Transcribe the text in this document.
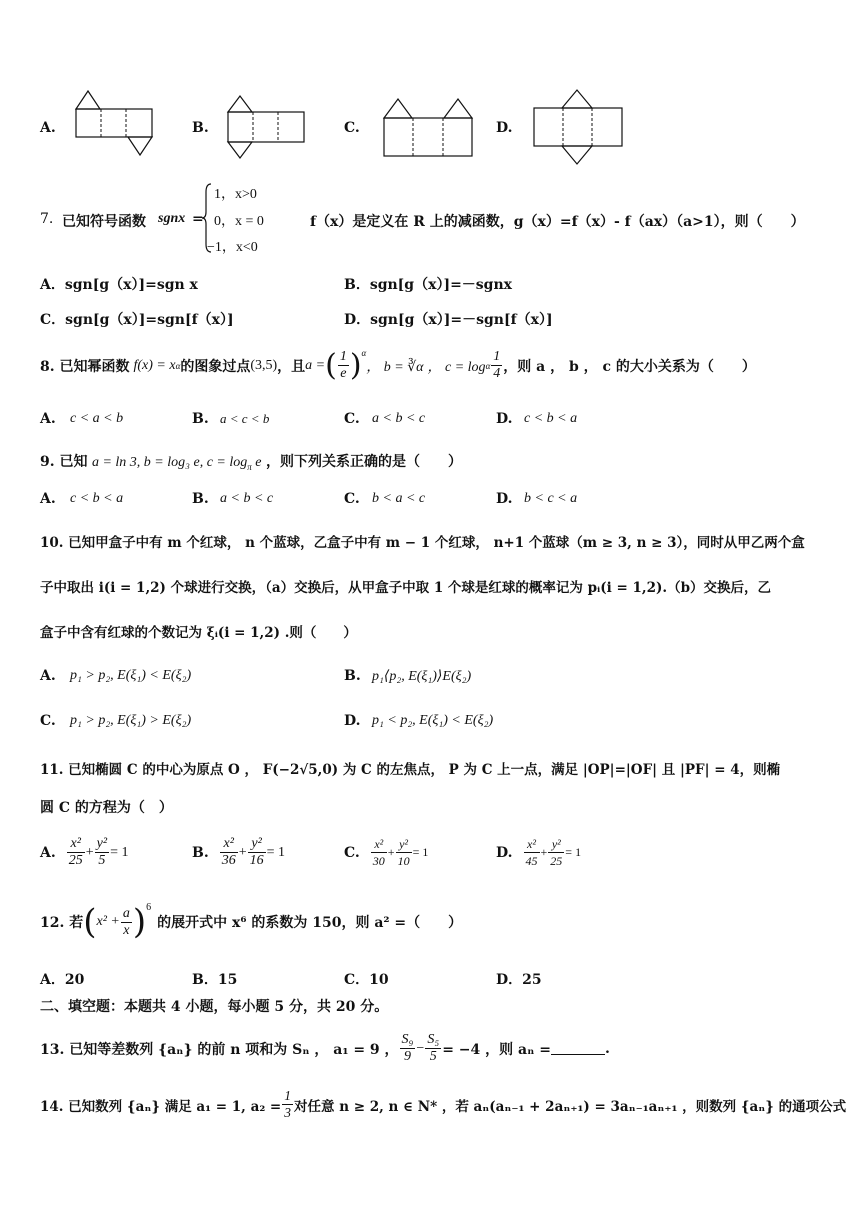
A.	B.	C.	D.
7. 已知符号函数 sgnx =
1，x>0
0，x = 0
−1，x<0
f（x）是定义在 R 上的减函数，g（x）=f（x）- f（ax）（a>1），则（　　）
A．sgn[g（x）]=sgn x	B．sgn[g（x）]=－sgnx
C．sgn[g（x）]=sgn[f（x）]	D．sgn[g（x）]=－sgn[f（x）]
8. 已知幂函数 f(x) = x α 的图象过点 (3,5) ，且 a = ( $\frac{1}{e} )^\alpha$
， b = ∛α ， c = log α $\frac{1}{4}$ ，则 a ， b ， c 的大小关系为（　　）
A. c < a < b	B. a < c < b	C. a < b < c	D. c < b < a
9. 已知 a = ln 3, b = log₃ e, $c = \log_\pi e$ ，则下列关系正确的是（　　）
A. c < b < a	B. a < b < c	C. b < a < c	D. b < c < a
10. 已知甲盒子中有 m 个红球， n 个蓝球，乙盒子中有 m − 1 个红球， n+1 个蓝球（m ≥ 3, n ≥ 3），同时从甲乙两个盒
子中取出 i(i = 1,2) 个球进行交换，（a）交换后，从甲盒子中取 1 个球是红球的概率记为 pᵢ(i = 1,2).（b）交换后，乙
盒子中含有红球的个数记为 ξᵢ(i = 1,2) .则（　　）
A. p₁ > p₂, E(ξ₁) < E(ξ₂)	B. p₁⟨p₂, E(ξ₁)⟩E(ξ₂)
C. p₁ > p₂, E(ξ₁) > E(ξ₂)	D. p₁ < p₂, E(ξ₁) < E(ξ₂)
11. 已知椭圆 C 的中心为原点 O ， F(−2√5,0) 为 C 的左焦点， P 为 C 上一点，满足 |OP|=|OF| 且 |PF| = 4，则椭
圆 C 的方程为（　）
A. $\frac{\text{x²}}{25} + \frac{\text{y²}}{5} = 1$	B. $\frac{\text{x²}}{36} + \frac{\text{y²}}{16} = 1$	C. $\frac{\text{x²}}{30} + \frac{\text{y²}}{10} = 1$	D. $\frac{\text{x²}}{45} + \frac{\text{y²}}{25} = 1$
12. 若 ( $x^2 + \frac{a}{x} )^6$
的展开式中 x⁶ 的系数为 150，则 a² =（　　）
A．20	B．15	C．10	D．25
二、填空题：本题共 4 小题，每小题 5 分，共 20 分。
13. 已知等差数列 {aₙ} 的前 n 项和为 Sₙ ， a₁ = 9 ， $\frac{\text{S₉}}{9} - \frac{\text{S₅}}{5} = -4$ ，则 aₙ =	.
14. 已知数列 {aₙ} 满足 a₁ = 1, $a_2 = \frac{1}{3}$ 对任意 n ≥ 2, n ∈ N* ，若 aₙ(aₙ₋₁ + 2aₙ₊₁) = 3aₙ₋₁aₙ₊₁ ，则数列 {aₙ} 的通项公式
